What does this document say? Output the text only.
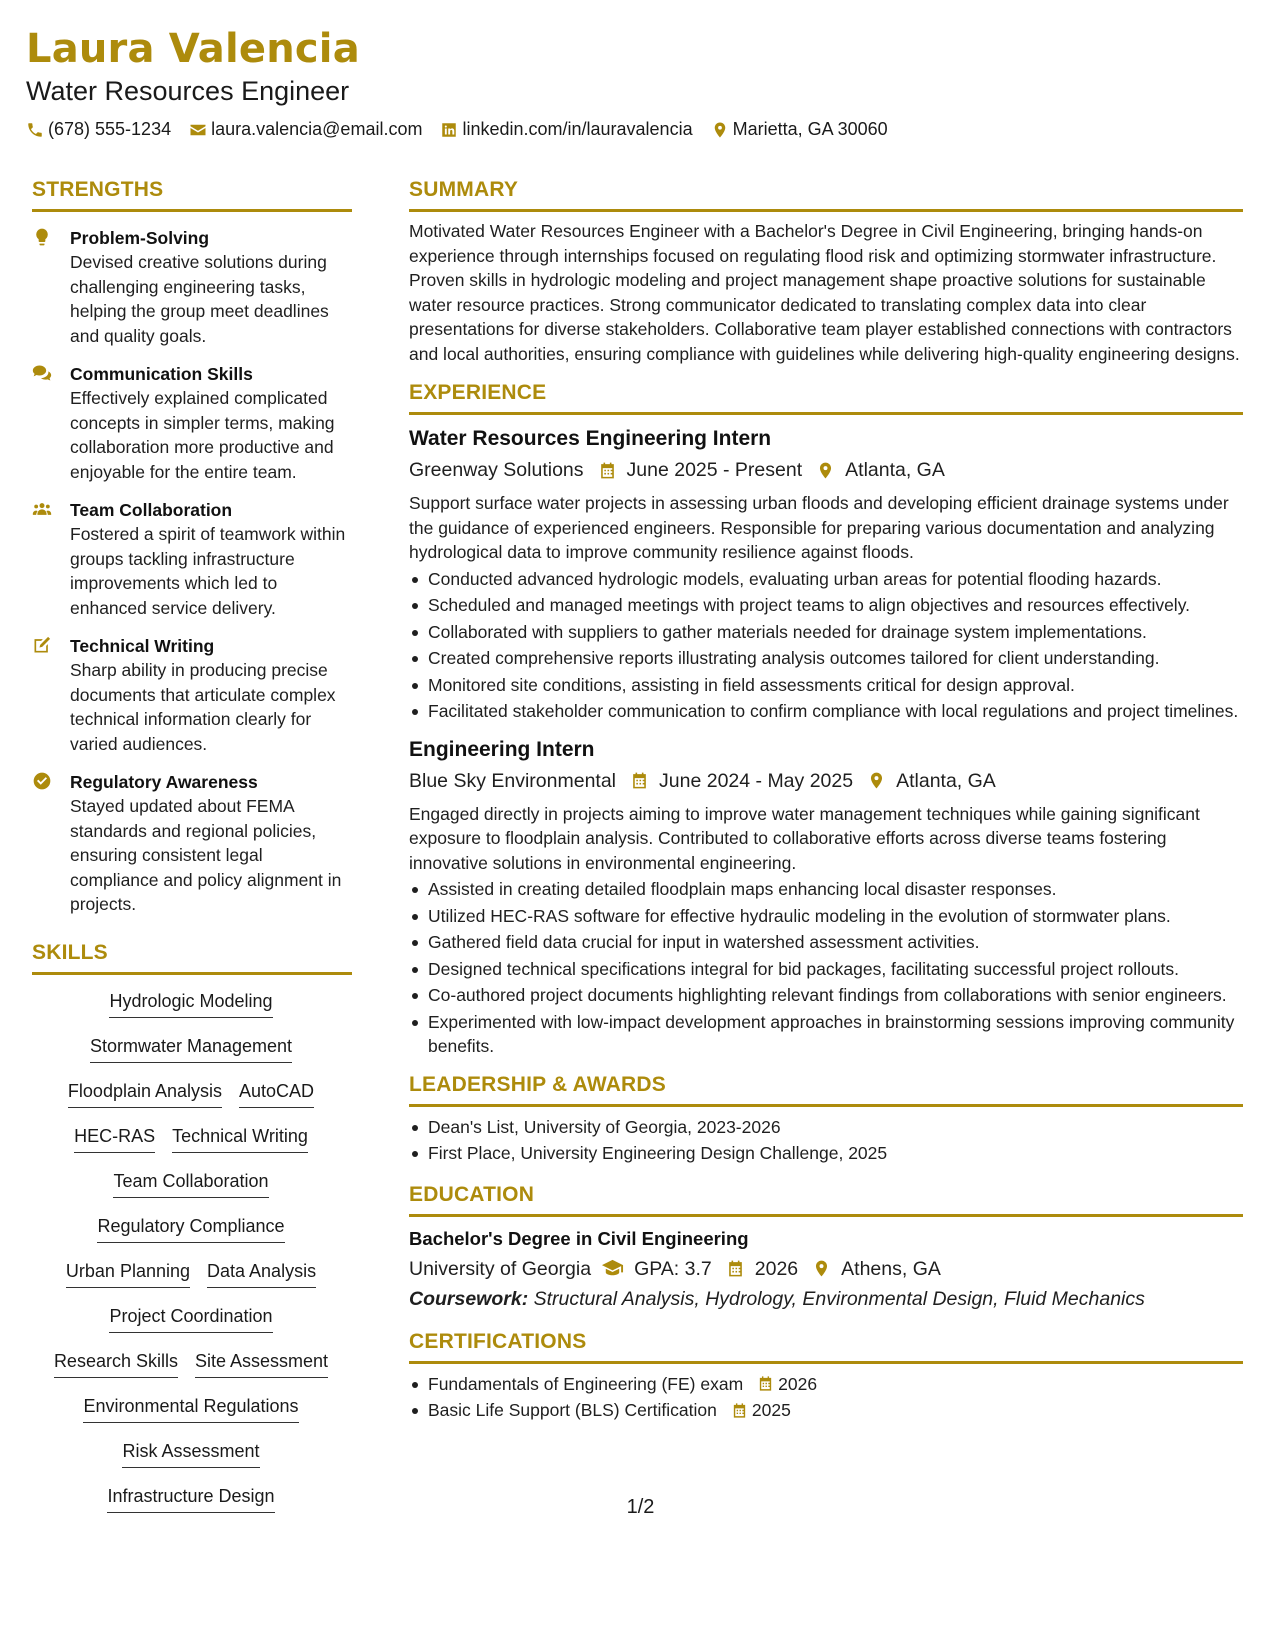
Laura Valencia
Water Resources Engineer
(678) 555-1234 laura.valencia@email.com linkedin.com/in/lauravalencia Marietta, GA 30060
STRENGTHS
Problem-Solving
Devised creative solutions during challenging engineering tasks, helping the group meet deadlines and quality goals.
Communication Skills
Effectively explained complicated concepts in simpler terms, making collaboration more productive and enjoyable for the entire team.
Team Collaboration
Fostered a spirit of teamwork within groups tackling infrastructure improvements which led to enhanced service delivery.
Technical Writing
Sharp ability in producing precise documents that articulate complex technical information clearly for varied audiences.
Regulatory Awareness
Stayed updated about FEMA standards and regional policies, ensuring consistent legal compliance and policy alignment in projects.
SKILLS
Hydrologic Modeling
Stormwater Management
Floodplain Analysis AutoCAD
HEC-RAS Technical Writing
Team Collaboration
Regulatory Compliance
Urban Planning Data Analysis
Project Coordination
Research Skills Site Assessment
Environmental Regulations
Risk Assessment
Infrastructure Design
SUMMARY
Motivated Water Resources Engineer with a Bachelor's Degree in Civil Engineering, bringing hands-on experience through internships focused on regulating flood risk and optimizing stormwater infrastructure. Proven skills in hydrologic modeling and project management shape proactive solutions for sustainable water resource practices. Strong communicator dedicated to translating complex data into clear presentations for diverse stakeholders. Collaborative team player established connections with contractors and local authorities, ensuring compliance with guidelines while delivering high-quality engineering designs.
EXPERIENCE
Water Resources Engineering Intern
Greenway Solutions June 2025 - Present Atlanta, GA
Support surface water projects in assessing urban floods and developing efficient drainage systems under the guidance of experienced engineers. Responsible for preparing various documentation and analyzing hydrological data to improve community resilience against floods.
Conducted advanced hydrologic models, evaluating urban areas for potential flooding hazards.
Scheduled and managed meetings with project teams to align objectives and resources effectively.
Collaborated with suppliers to gather materials needed for drainage system implementations.
Created comprehensive reports illustrating analysis outcomes tailored for client understanding.
Monitored site conditions, assisting in field assessments critical for design approval.
Facilitated stakeholder communication to confirm compliance with local regulations and project timelines.
Engineering Intern
Blue Sky Environmental June 2024 - May 2025 Atlanta, GA
Engaged directly in projects aiming to improve water management techniques while gaining significant exposure to floodplain analysis. Contributed to collaborative efforts across diverse teams fostering innovative solutions in environmental engineering.
Assisted in creating detailed floodplain maps enhancing local disaster responses.
Utilized HEC-RAS software for effective hydraulic modeling in the evolution of stormwater plans.
Gathered field data crucial for input in watershed assessment activities.
Designed technical specifications integral for bid packages, facilitating successful project rollouts.
Co-authored project documents highlighting relevant findings from collaborations with senior engineers.
Experimented with low-impact development approaches in brainstorming sessions improving community benefits.
LEADERSHIP & AWARDS
Dean's List, University of Georgia, 2023-2026
First Place, University Engineering Design Challenge, 2025
EDUCATION
Bachelor's Degree in Civil Engineering
University of Georgia GPA: 3.7 2026 Athens, GA
Coursework: Structural Analysis, Hydrology, Environmental Design, Fluid Mechanics
CERTIFICATIONS
Fundamentals of Engineering (FE) exam 2026
Basic Life Support (BLS) Certification 2025
1/2
